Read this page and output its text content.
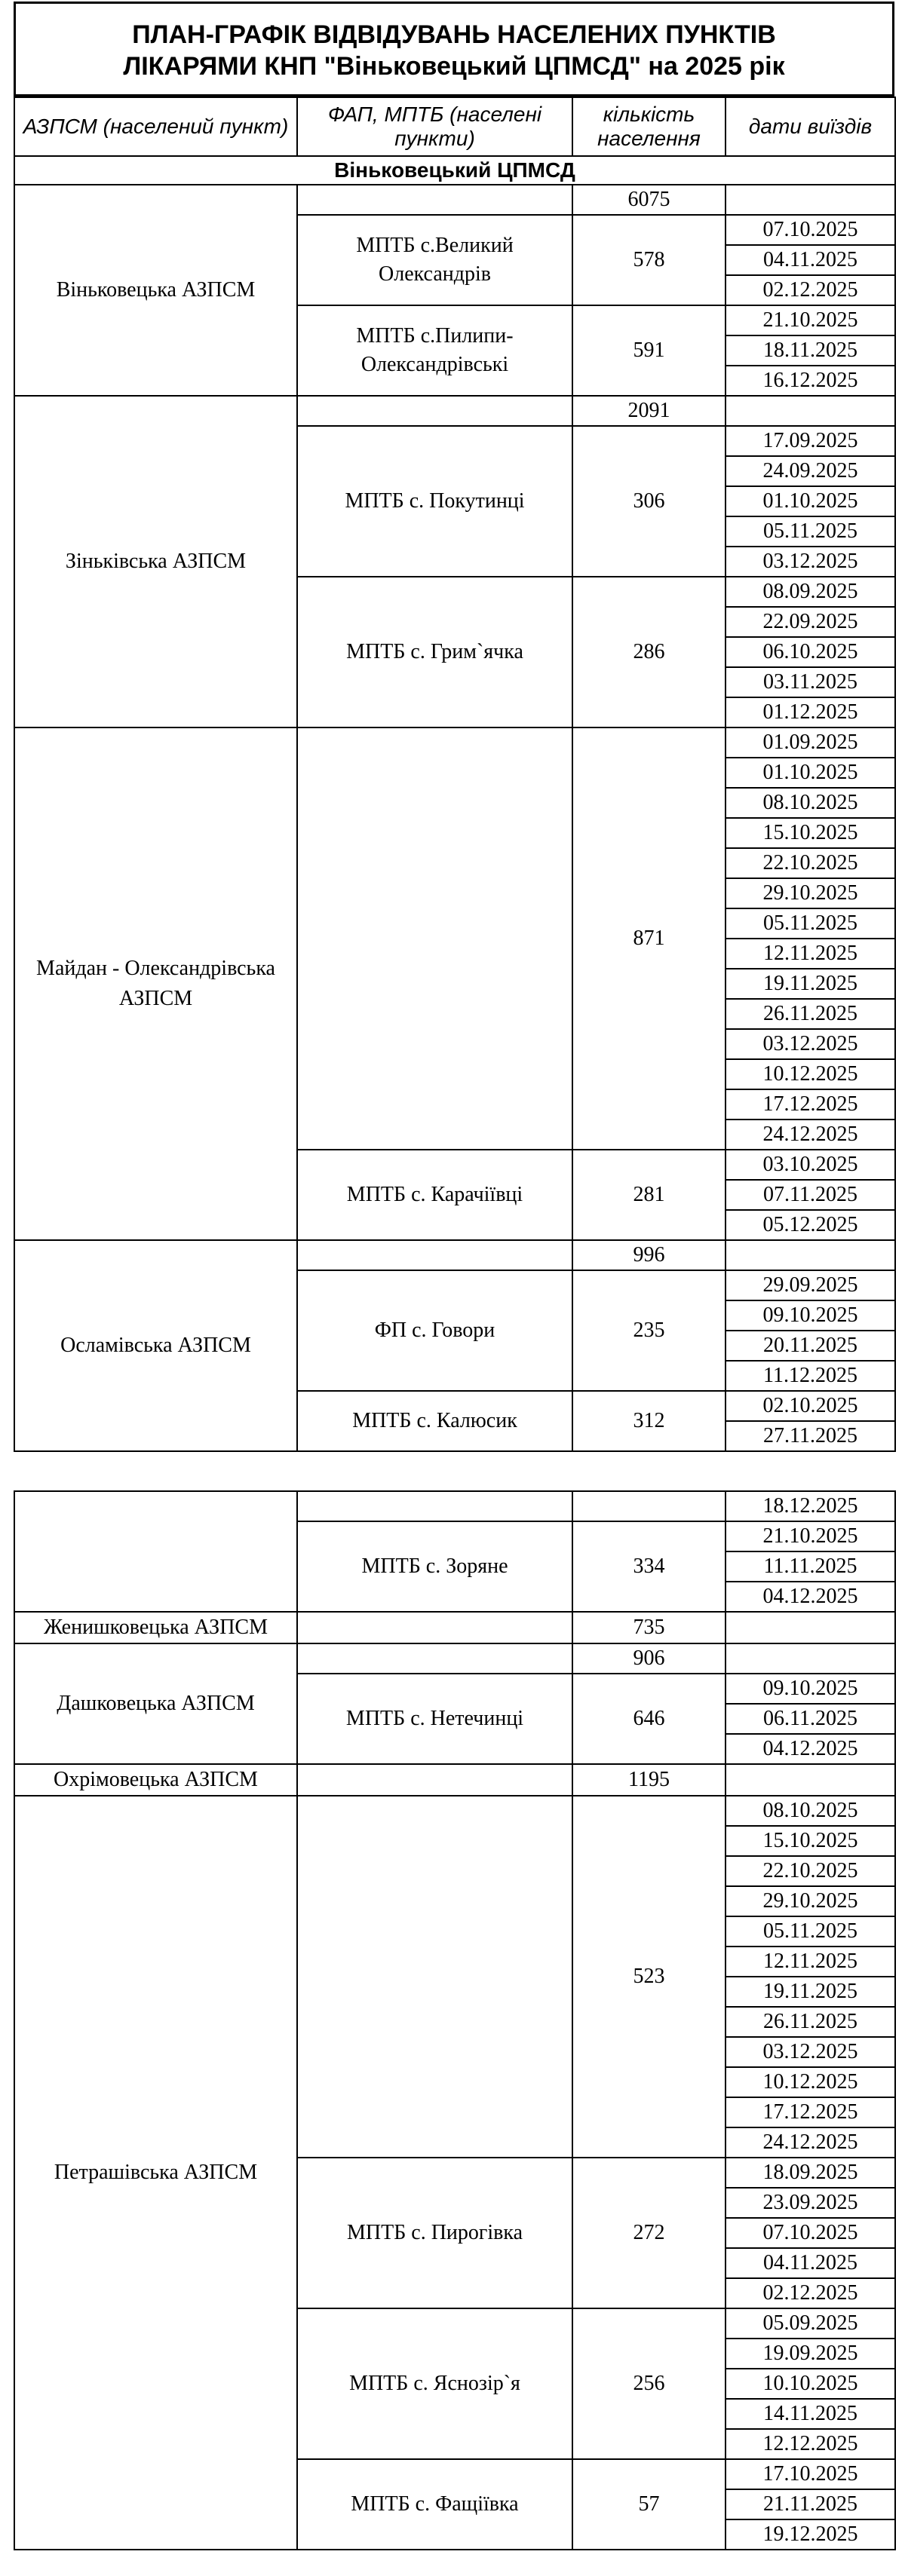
ПЛАН-ГРАФІК ВІДВІДУВАНЬ НАСЕЛЕНИХ ПУНКТІВ
ЛІКАРЯМИ КНП "Віньковецький ЦПМСД" на 2025 рік
АЗПСМ (населений пункт)	ФАП, МПТБ (населені пункти)	кількість населення	дати виїздів
Віньковецький ЦПМСД			
Віньковецька АЗПСМ		6075	
	МПТБ с.Великий Олександрів	578	07.10.2025
			04.11.2025
			02.12.2025
	МПТБ с.Пилипи-Олександрівські	591	21.10.2025
			18.11.2025
			16.12.2025
Зіньківська АЗПСМ		2091	
	МПТБ с. Покутинці	306	17.09.2025
			24.09.2025
			01.10.2025
			05.11.2025
			03.12.2025
	МПТБ с. Грим`ячка	286	08.09.2025
			22.09.2025
			06.10.2025
			03.11.2025
			01.12.2025
Майдан - Олександрівська АЗПСМ		871	01.09.2025
			01.10.2025
			08.10.2025
			15.10.2025
			22.10.2025
			29.10.2025
			05.11.2025
			12.11.2025
			19.11.2025
			26.11.2025
			03.12.2025
			10.12.2025
			17.12.2025
			24.12.2025
	МПТБ с. Карачіївці	281	03.10.2025
			07.11.2025
			05.12.2025
Осламівська АЗПСМ		996	
	ФП с. Говори	235	29.09.2025
			09.10.2025
			20.11.2025
			11.12.2025
	МПТБ с. Калюсик	312	02.10.2025
			27.11.2025
			18.12.2025
	МПТБ с. Зоряне	334	21.10.2025
			11.11.2025
			04.12.2025
Женишковецька АЗПСМ		735	
Дашковецька АЗПСМ		906	
	МПТБ с. Нетечинці	646	09.10.2025
			06.11.2025
			04.12.2025
Охрімовецька АЗПСМ		1195	
Петрашівська АЗПСМ		523	08.10.2025
			15.10.2025
			22.10.2025
			29.10.2025
			05.11.2025
			12.11.2025
			19.11.2025
			26.11.2025
			03.12.2025
			10.12.2025
			17.12.2025
			24.12.2025
	МПТБ с. Пирогівка	272	18.09.2025
			23.09.2025
			07.10.2025
			04.11.2025
			02.12.2025
	МПТБ с. Яснозір`я	256	05.09.2025
			19.09.2025
			10.10.2025
			14.11.2025
			12.12.2025
	МПТБ с. Фащіївка	57	17.10.2025
			21.11.2025
			19.12.2025
